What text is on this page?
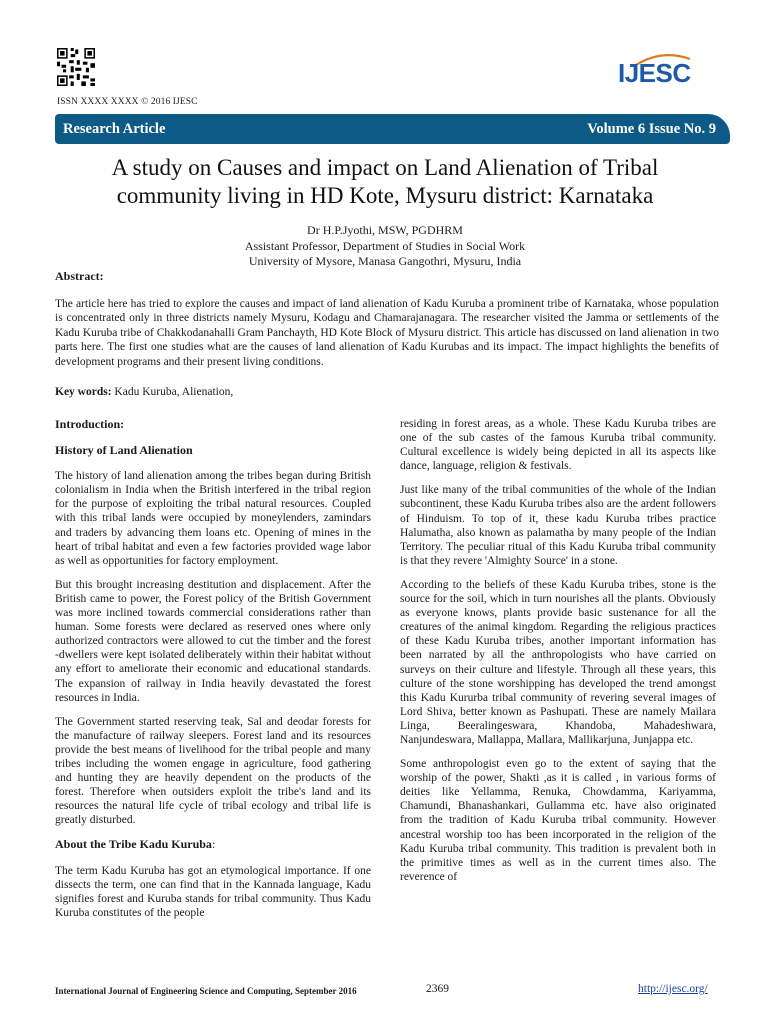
ISSN XXXX XXXX © 2016 IJESC
IJESC
Research Article	Volume 6 Issue No. 9
A study on Causes and impact on Land Alienation of Tribal community living in HD Kote, Mysuru district: Karnataka
Dr H.P.Jyothi, MSW, PGDHRM
Assistant Professor, Department of Studies in Social Work
University of Mysore, Manasa Gangothri, Mysuru, India
Abstract:
The article here has tried to explore the causes and impact of land alienation of Kadu Kuruba a prominent tribe of Karnataka, whose population is concentrated only in three districts namely Mysuru, Kodagu and Chamarajanagara. The researcher visited the Jamma or settlements of the Kadu Kuruba tribe of Chakkodanahalli Gram Panchayth, HD Kote Block of Mysuru district. This article has discussed on land alienation in two parts here. The first one studies what are the causes of land alienation of Kadu Kurubas and its impact. The impact highlights the benefits of development programs and their present living conditions.
Key words: Kadu Kuruba, Alienation,
Introduction:
History of Land Alienation

The history of land alienation among the tribes began during British colonialism in India when the British interfered in the tribal region for the purpose of exploiting the tribal natural resources. Coupled with this tribal lands were occupied by moneylenders, zamindars and traders by advancing them loans etc. Opening of mines in the heart of tribal habitat and even a few factories provided wage labor as well as opportunities for factory employment.

But this brought increasing destitution and displacement. After the British came to power, the Forest policy of the British Government was more inclined towards commercial considerations rather than human. Some forests were declared as reserved ones where only authorized contractors were allowed to cut the timber and the forest -dwellers were kept isolated deliberately within their habitat without any effort to ameliorate their economic and educational standards. The expansion of railway in India heavily devastated the forest resources in India.

The Government started reserving teak, Sal and deodar forests for the manufacture of railway sleepers. Forest land and its resources provide the best means of livelihood for the tribal people and many tribes including the women engage in agriculture, food gathering and hunting they are heavily dependent on the products of the forest. Therefore when outsiders exploit the tribe's land and its resources the natural life cycle of tribal ecology and tribal life is greatly disturbed.

About the Tribe Kadu Kuruba:

The term Kadu Kuruba has got an etymological importance. If one dissects the term, one can find that in the Kannada language, Kadu signifies forest and Kuruba stands for tribal community. Thus Kadu Kuruba constitutes of the people

residing in forest areas, as a whole. These Kadu Kuruba tribes are one of the sub castes of the famous Kuruba tribal community. Cultural excellence is widely being depicted in all its aspects like dance, language, religion & festivals.

Just like many of the tribal communities of the whole of the Indian subcontinent, these Kadu Kuruba tribes also are the ardent followers of Hinduism. To top of it, these kadu Kuruba tribes practice Halumatha, also known as palamatha by many people of the Indian Territory. The peculiar ritual of this Kadu Kuruba tribal community is that they revere 'Almighty Source' in a stone.

According to the beliefs of these Kadu Kuruba tribes, stone is the source for the soil, which in turn nourishes all the plants. Obviously as everyone knows, plants provide basic sustenance for all the creatures of the animal kingdom. Regarding the religious practices of these Kadu Kuruba tribes, another important information has been narrated by all the anthropologists who have carried on surveys on their culture and lifestyle. Through all these years, this culture of the stone worshipping has developed the trend amongst this Kadu Kururba tribal community of revering several images of Lord Shiva, better known as Pashupati. These are namely Mailara Linga, Beeralingeswara, Khandoba, Mahadeshwara, Nanjundeswara, Mallappa, Mallara, Mallikarjuna, Junjappa etc.

Some anthropologist even go to the extent of saying that the worship of the power, Shakti ,as it is called , in various forms of deities like Yellamma, Renuka, Chowdamma, Kariyamma, Chamundi, Bhanashankari, Gullamma etc. have also originated from the tradition of Kadu Kuruba tribal community. However ancestral worship too has been incorporated in the religion of the Kadu Kuruba tribal community. This tradition is prevalent both in the primitive times as well as in the current times also. The reverence of

International Journal of Engineering Science and Computing, September 2016	2369	http://ijesc.org/
